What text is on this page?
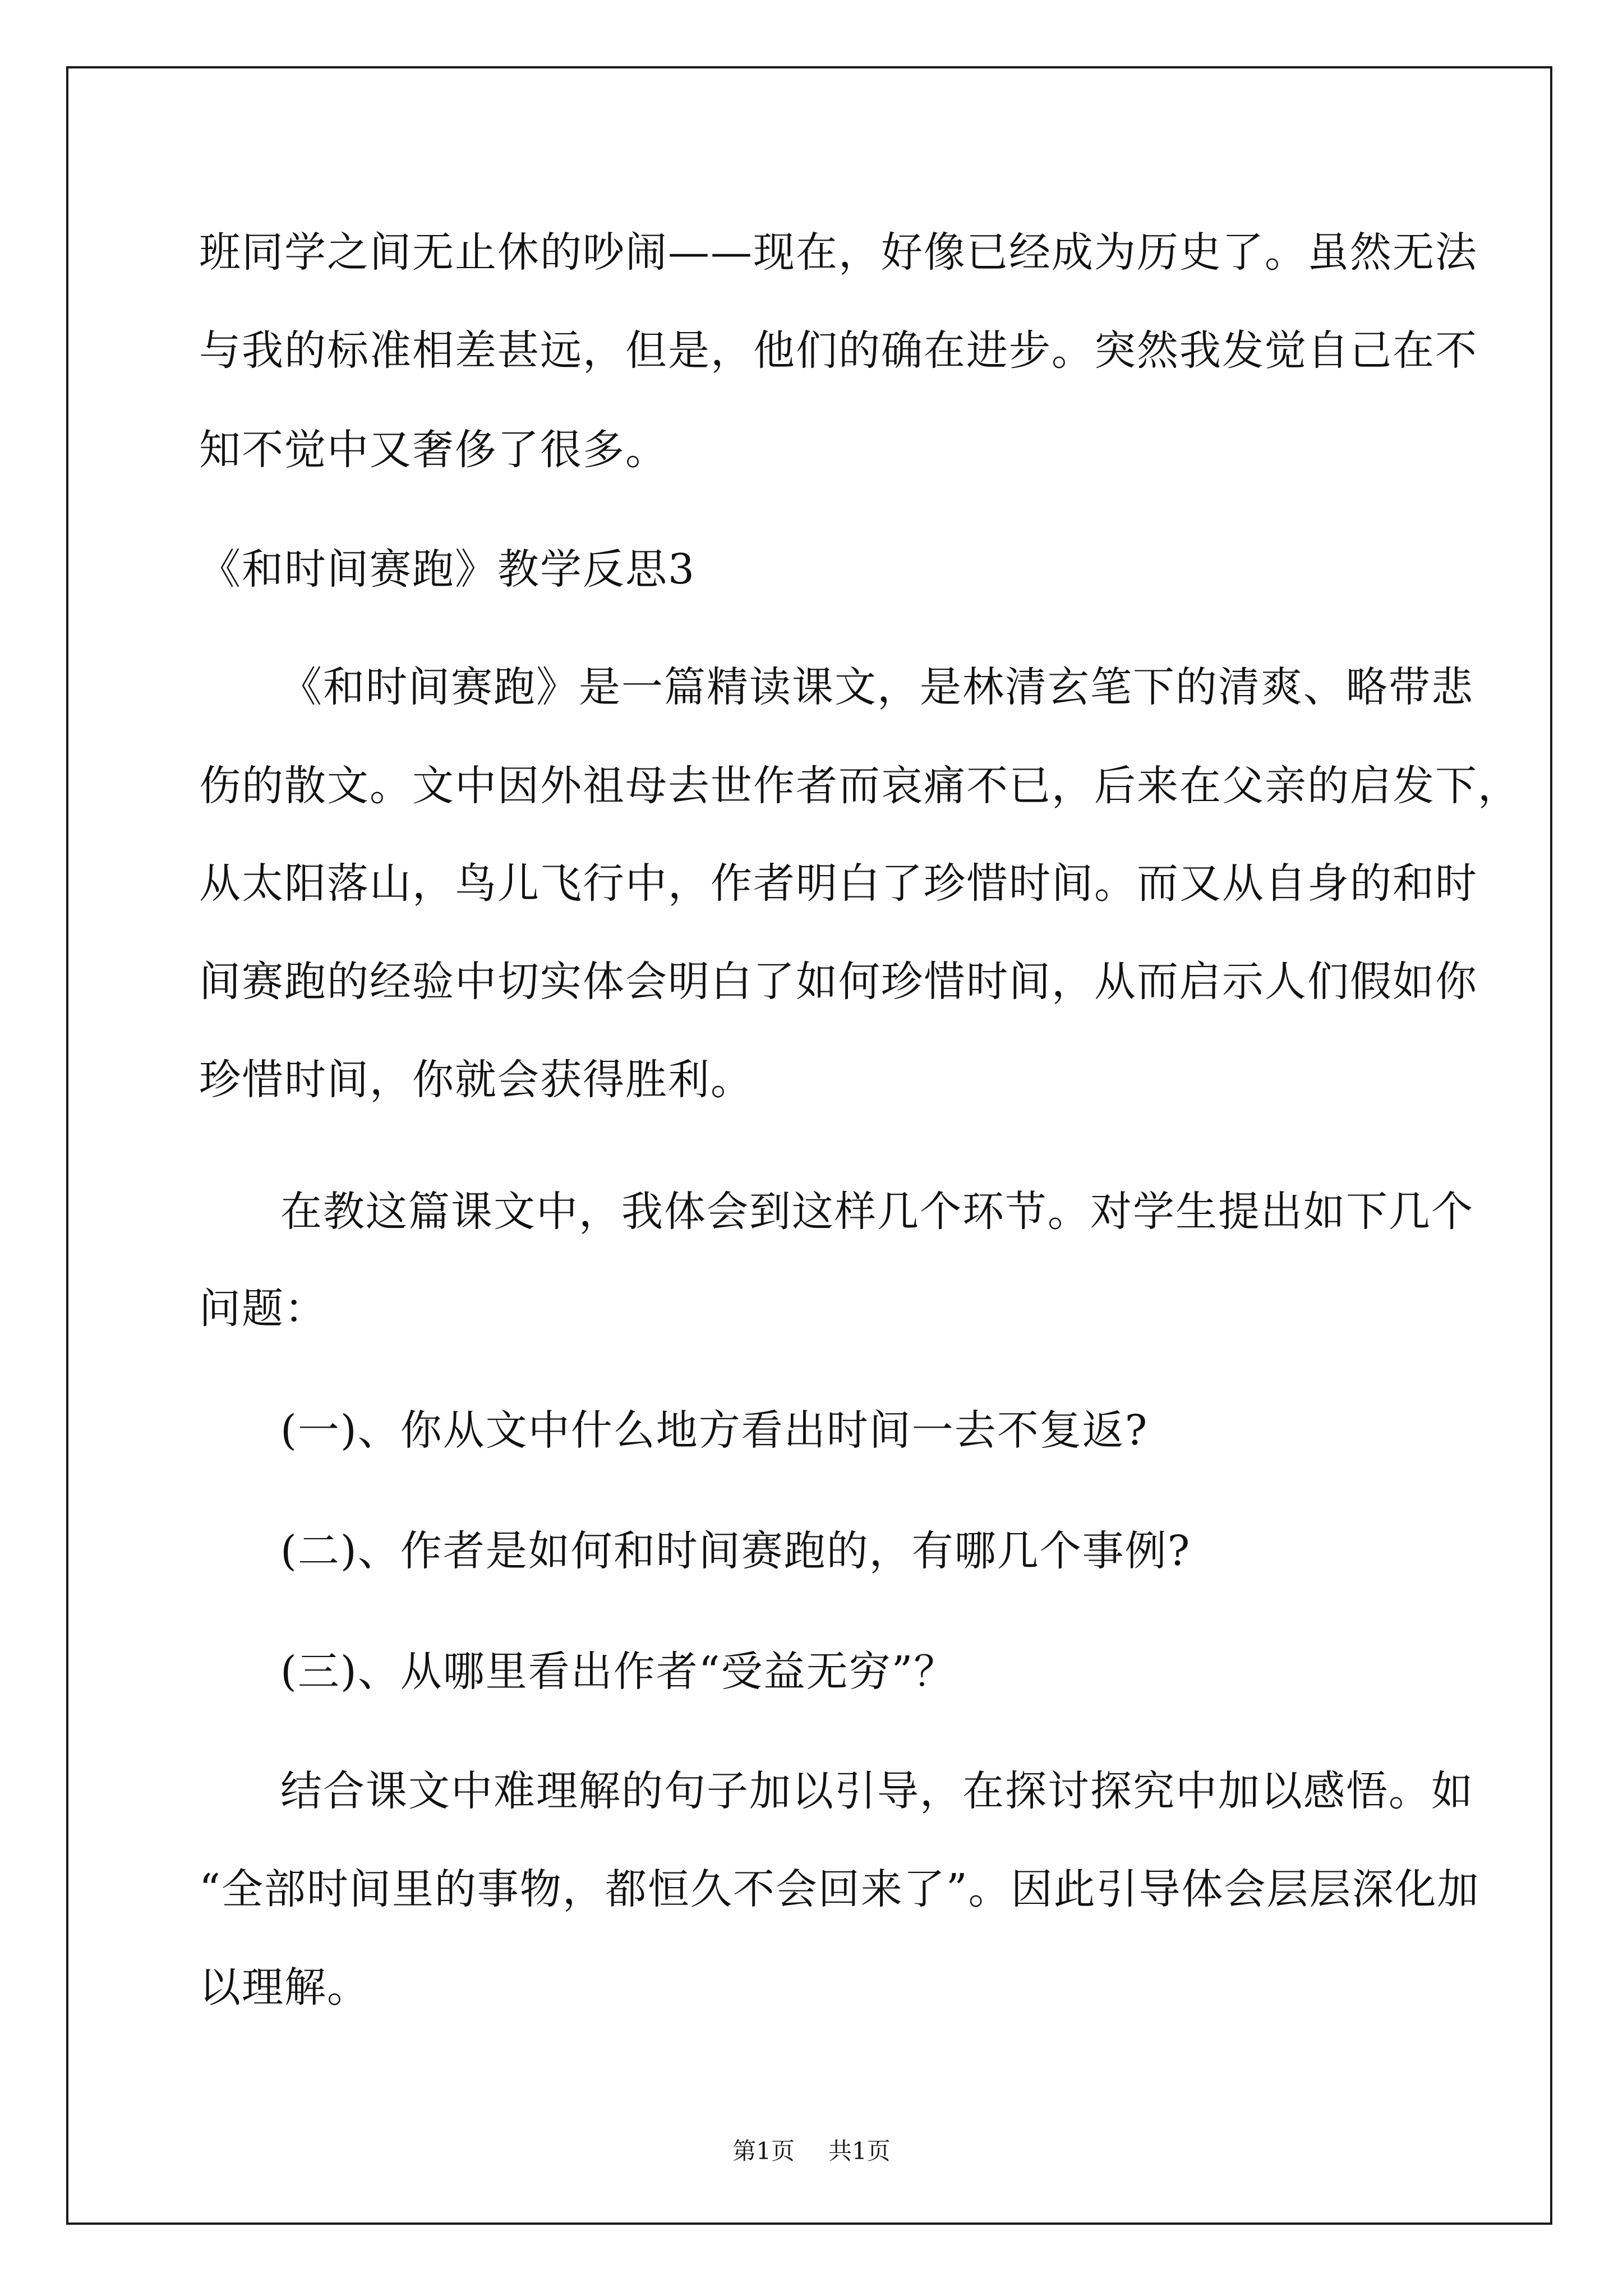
班同学之间无止休的吵闹——现在，好像已经成为历史了。虽然无法
与我的标准相差甚远，但是，他们的确在进步。突然我发觉自己在不
知不觉中又奢侈了很多。
《和时间赛跑》教学反思3
《和时间赛跑》是一篇精读课文，是林清玄笔下的清爽、略带悲
伤的散文。文中因外祖母去世作者而哀痛不已，后来在父亲的启发下，
从太阳落山，鸟儿飞行中，作者明白了珍惜时间。而又从自身的和时
间赛跑的经验中切实体会明白了如何珍惜时间，从而启示人们假如你
珍惜时间，你就会获得胜利。
在教这篇课文中，我体会到这样几个环节。对学生提出如下几个
问题：
(一)、你从文中什么地方看出时间一去不复返?
(二)、作者是如何和时间赛跑的，有哪几个事例?
(三)、从哪里看出作者“受益无穷”？
结合课文中难理解的句子加以引导，在探讨探究中加以感悟。如
“全部时间里的事物，都恒久不会回来了”。因此引导体会层层深化加
以理解。
第1页 共1页
